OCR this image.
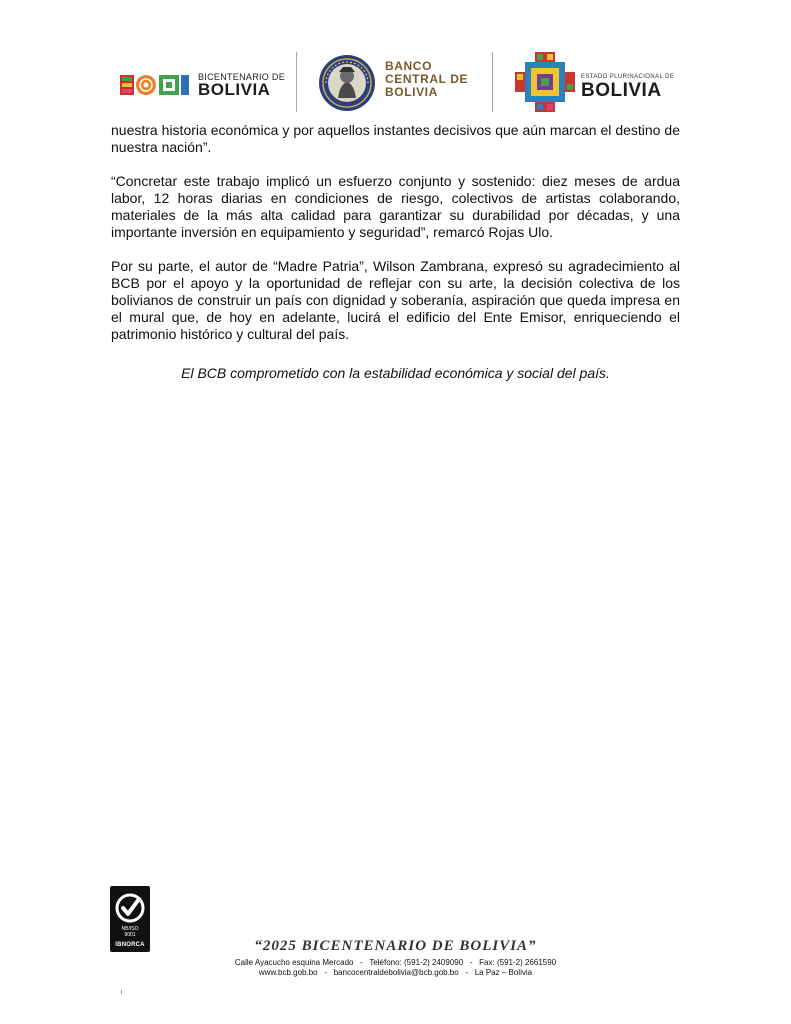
BICENTENARIO DE
BOLIVIA
BANCO
CENTRAL DE
BOLIVIA
ESTADO PLURINACIONAL DE
BOLIVIA

nuestra historia económica y por aquellos instantes decisivos que aún marcan el destino de nuestra nación”.

“Concretar este trabajo implicó un esfuerzo conjunto y sostenido: diez meses de ardua labor, 12 horas diarias en condiciones de riesgo, colectivos de artistas colaborando, materiales de la más alta calidad para garantizar su durabilidad por décadas, y una importante inversión en equipamiento y seguridad”, remarcó Rojas Ulo.

Por su parte, el autor de “Madre Patria”, Wilson Zambrana, expresó su agradecimiento al BCB por el apoyo y la oportunidad de reflejar con su arte, la decisión colectiva de los bolivianos de construir un país con dignidad y soberanía, aspiración que queda impresa en el mural que, de hoy en adelante, lucirá el edificio del Ente Emisor, enriqueciendo el patrimonio histórico y cultural del país.

El BCB comprometido con la estabilidad económica y social del país.

NB/ISO
9001
IBNORCA	“2025 BICENTENARIO DE BOLIVIA”
Calle Ayacucho esquina Mercado   -   Teléfono: (591-2) 2409090   -   Fax: (591-2) 2661590
www.bcb.gob.bo   -   bancocentraldebolivia@bcb.gob.bo   -   La Paz – Bolivia
